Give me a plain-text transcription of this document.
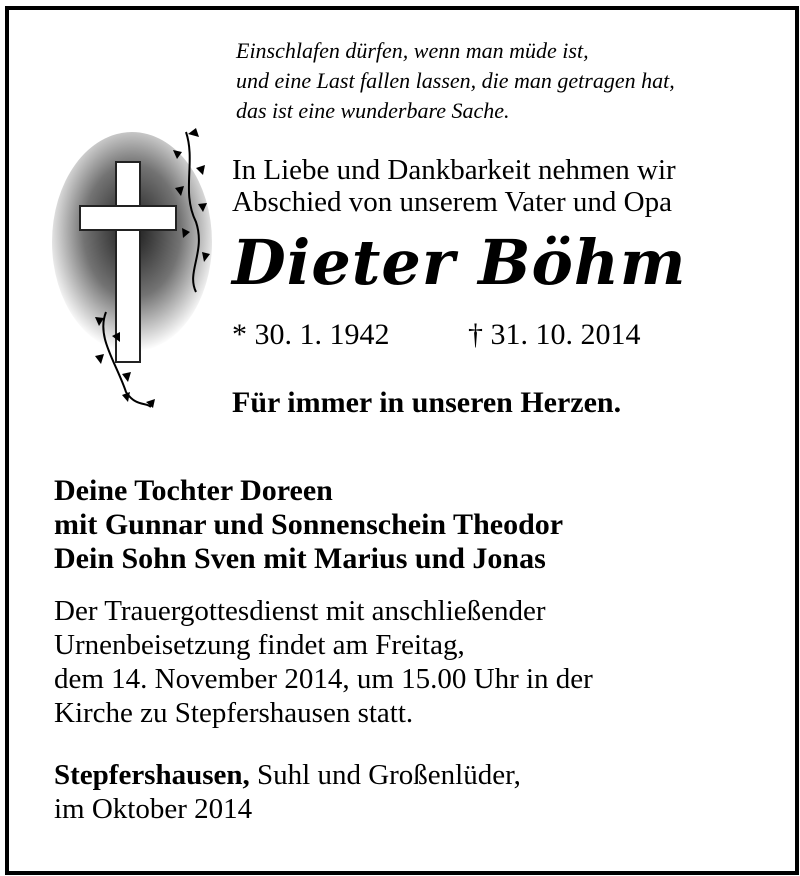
Einschlafen dürfen, wenn man müde ist,
und eine Last fallen lassen, die man getragen hat,
das ist eine wunderbare Sache.
In Liebe und Dankbarkeit nehmen wir
Abschied von unserem Vater und Opa
Dieter Böhm
* 30. 1. 1942	† 31. 10. 2014
Für immer in unseren Herzen.
Deine Tochter Doreen
mit Gunnar und Sonnenschein Theodor
Dein Sohn Sven mit Marius und Jonas
Der Trauergottesdienst mit anschließender
Urnenbeisetzung findet am Freitag,
dem 14. November 2014, um 15.00 Uhr in der
Kirche zu Stepfershausen statt.
Stepfershausen, Suhl und Großenlüder,
im Oktober 2014
